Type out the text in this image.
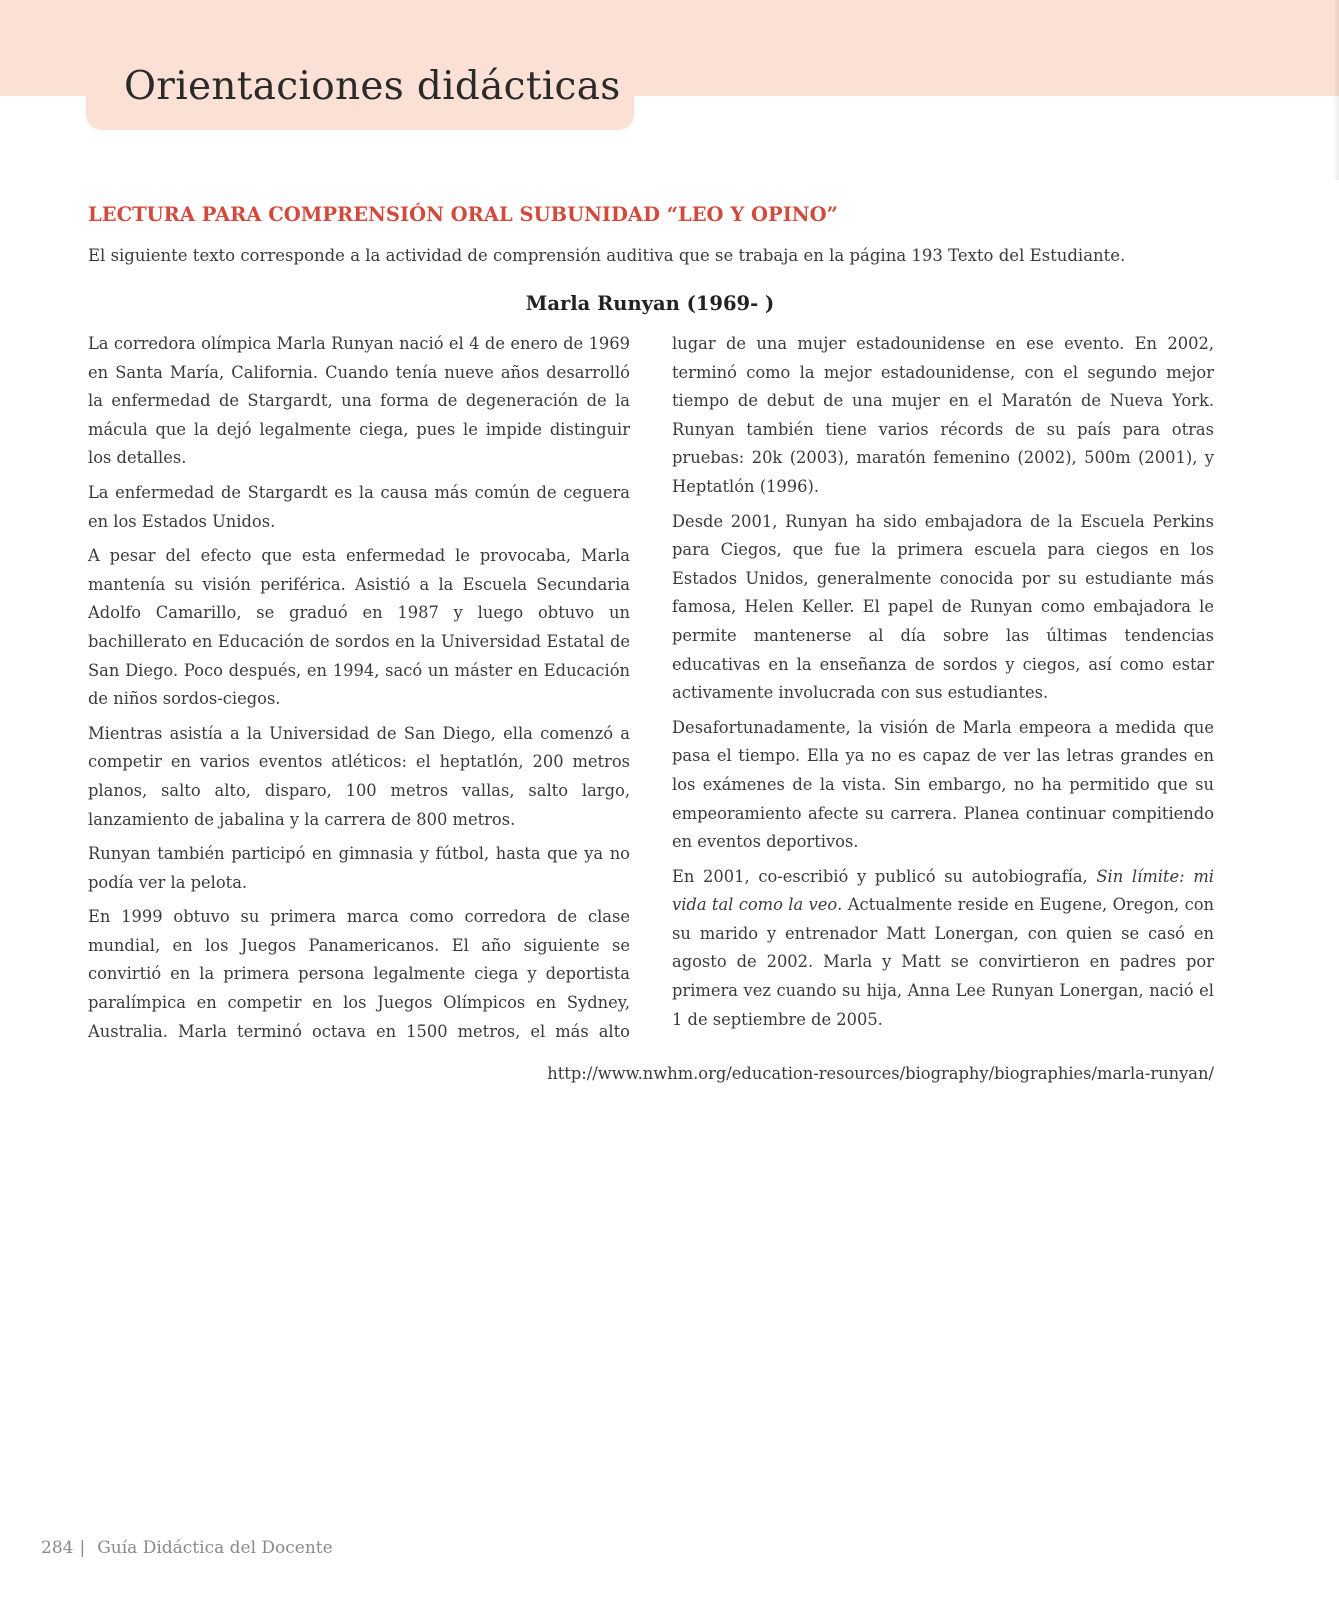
Orientaciones didácticas
LECTURA PARA COMPRENSIÓN ORAL SUBUNIDAD “LEO Y OPINO”

El siguiente texto corresponde a la actividad de comprensión auditiva que se trabaja en la página 193 Texto del Estudiante.

Marla Runyan (1969- )

La corredora olímpica Marla Runyan nació el 4 de enero de 1969 en Santa María, California. Cuando tenía nueve años desarrolló la enfermedad de Stargardt, una forma de degeneración de la mácula que la dejó legalmente ciega, pues le impide distinguir los detalles.

La enfermedad de Stargardt es la causa más común de ceguera en los Estados Unidos.

A pesar del efecto que esta enfermedad le provocaba, Marla mantenía su visión periférica. Asistió a la Escuela Secundaria Adolfo Camarillo, se graduó en 1987 y luego obtuvo un bachillerato en Educación de sordos en la Universidad Estatal de San Diego. Poco después, en 1994, sacó un máster en Educación de niños sordos-ciegos.

Mientras asistía a la Universidad de San Diego, ella comenzó a competir en varios eventos atléticos: el heptatlón, 200 metros planos, salto alto, disparo, 100 metros vallas, salto largo, lanzamiento de jabalina y la carrera de 800 metros.

Runyan también participó en gimnasia y fútbol, hasta que ya no podía ver la pelota.

En 1999 obtuvo su primera marca como corredora de clase mundial, en los Juegos Panamericanos. El año siguiente se convirtió en la primera persona legalmente ciega y deportista paralímpica en competir en los Juegos Olímpicos en Sydney, Australia. Marla terminó octava en 1500 metros, el más alto lugar de una mujer estadounidense en ese evento. En 2002, terminó como la mejor estadounidense, con el segundo mejor tiempo de debut de una mujer en el Maratón de Nueva York. Runyan también tiene varios récords de su país para otras pruebas: 20k (2003), maratón femenino (2002), 500m (2001), y Heptatlón (1996).

Desde 2001, Runyan ha sido embajadora de la Escuela Perkins para Ciegos, que fue la primera escuela para ciegos en los Estados Unidos, generalmente conocida por su estudiante más famosa, Helen Keller. El papel de Runyan como embajadora le permite mantenerse al día sobre las últimas tendencias educativas en la enseñanza de sordos y ciegos, así como estar activamente involucrada con sus estudiantes.

Desafortunadamente, la visión de Marla empeora a medida que pasa el tiempo. Ella ya no es capaz de ver las letras grandes en los exámenes de la vista. Sin embargo, no ha permitido que su empeoramiento afecte su carrera. Planea continuar compitiendo en eventos deportivos.

En 2001, co-escribió y publicó su autobiografía, Sin límite: mi vida tal como la veo. Actualmente reside en Eugene, Oregon, con su marido y entrenador Matt Lonergan, con quien se casó en agosto de 2002. Marla y Matt se convirtieron en padres por primera vez cuando su hija, Anna Lee Runyan Lonergan, nació el 1 de septiembre de 2005.

http://www.nwhm.org/education-resources/biography/biographies/marla-runyan/

284 | Guía Didáctica del Docente
